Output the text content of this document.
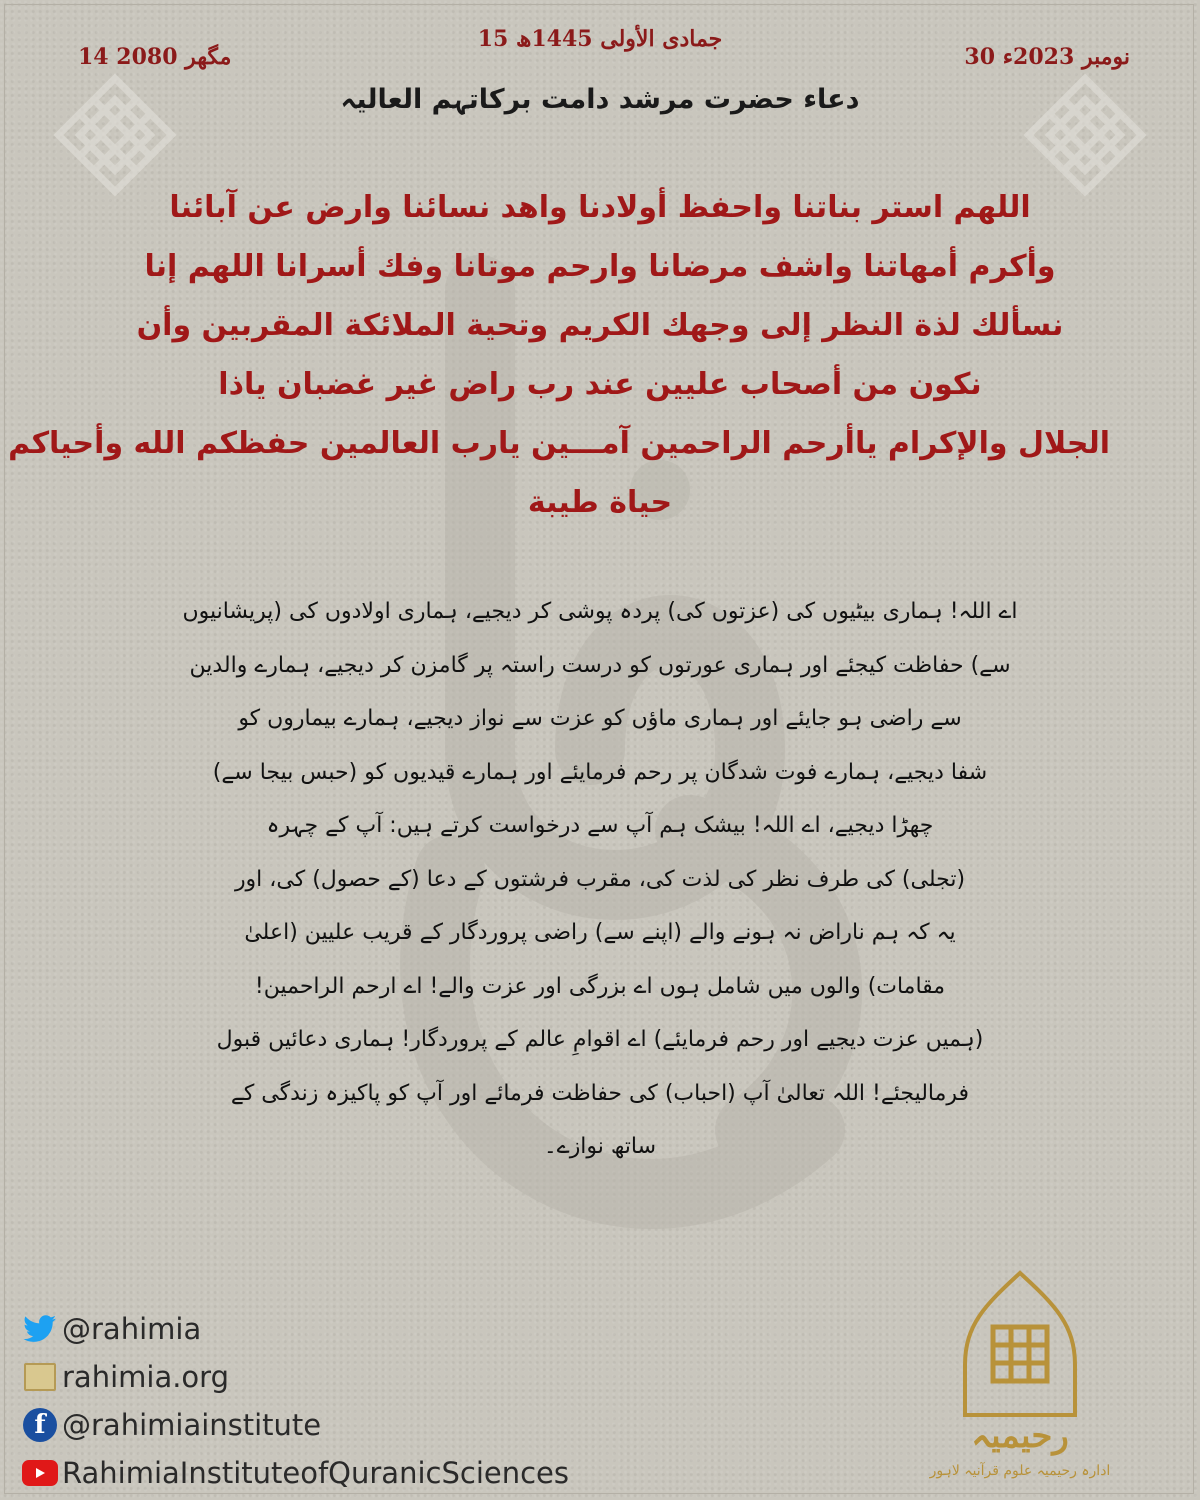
15 جمادى الأولى 1445ھ
30 نومبر 2023ء
14 مگھر 2080
دعاء حضرت مرشد دامت برکاتہم العالیہ
اللهم استر بناتنا واحفظ أولادنا واهد نسائنا وارض عن آبائنا
وأكرم أمهاتنا واشف مرضانا وارحم موتانا وفك أسرانا اللهم إنا
نسألك لذة النظر إلى وجهك الكريم وتحية الملائكة المقربين وأن
نكون من أصحاب عليين عند رب راض غير غضبان ياذا
الجلال والإكرام ياأرحم الراحمين آمـــين يارب العالمين حفظكم الله وأحياكم
حياة طيبة
اے اللہ! ہماری بیٹیوں کی (عزتوں کی) پردہ پوشی کر دیجیے، ہماری اولادوں کی (پریشانیوں
سے) حفاظت کیجئے اور ہماری عورتوں کو درست راستہ پر گامزن کر دیجیے، ہمارے والدین
سے راضی ہو جایئے اور ہماری ماؤں کو عزت سے نواز دیجیے، ہمارے بیماروں کو
شفا دیجیے، ہمارے فوت شدگان پر رحم فرمایئے اور ہمارے قیدیوں کو (حبس بیجا سے)
چھڑا دیجیے، اے اللہ! بیشک ہم آپ سے درخواست کرتے ہیں: آپ کے چہرہ
(تجلی) کی طرف نظر کی لذت کی، مقرب فرشتوں کے دعا (کے حصول) کی، اور
یہ کہ ہم ناراض نہ ہونے والے (اپنے سے) راضی پروردگار کے قریب علیین (اعلیٰ
مقامات) والوں میں شامل ہوں اے بزرگی اور عزت والے! اے ارحم الراحمین!
(ہمیں عزت دیجیے اور رحم فرمایئے) اے اقوامِ عالم کے پروردگار! ہماری دعائیں قبول
فرمالیجئے! اللہ تعالیٰ آپ (احباب) کی حفاظت فرمائے اور آپ کو پاکیزہ زندگی کے
ساتھ نوازے۔
@rahimia
rahimia.org
f @rahimiainstitute
RahimiaInstituteofQuranicSciences
رحیمیہ
ادارہ رحیمیہ علوم قرآنیہ لاہور
